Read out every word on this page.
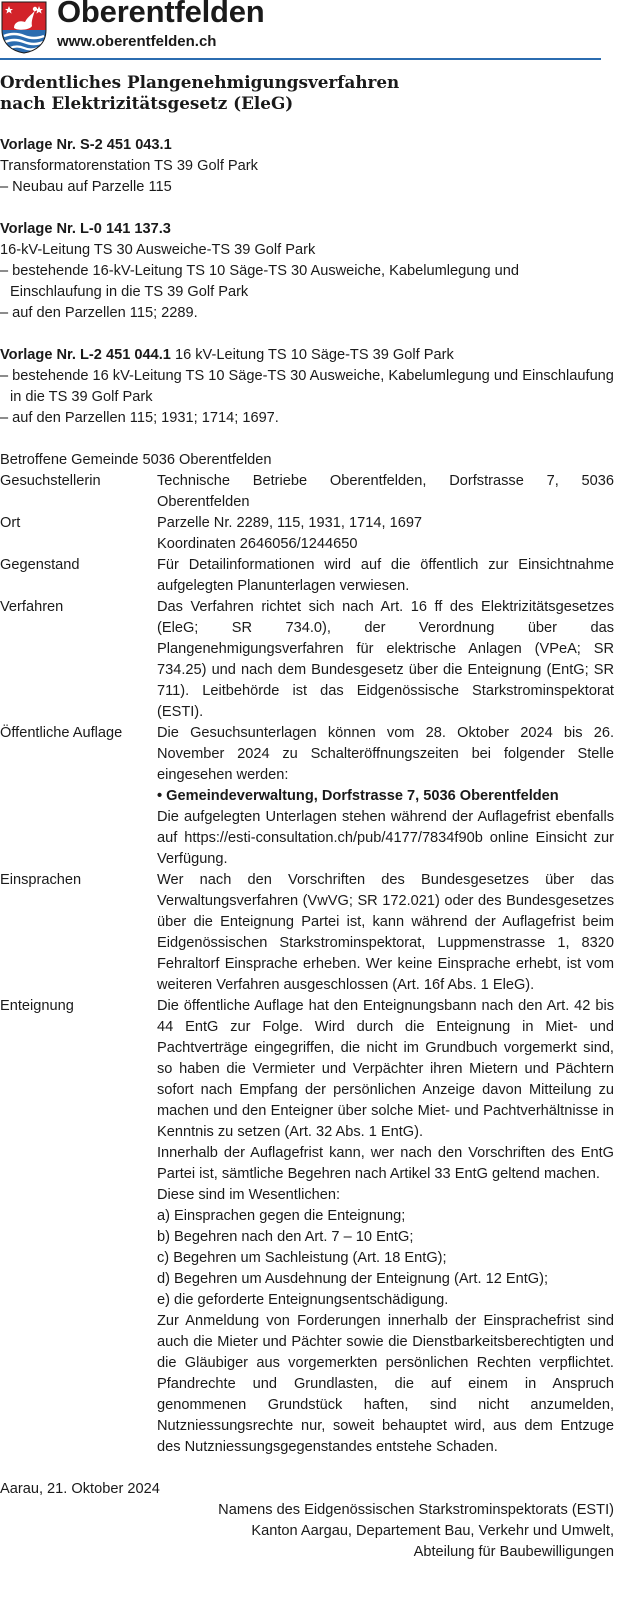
Oberentfelden
www.oberentfelden.ch
Ordentliches Plangenehmigungsverfahren
nach Elektrizitätsgesetz (EleG)
Vorlage Nr. S-2 451 043.1
Transformatorenstation TS 39 Golf Park
– Neubau auf Parzelle 115
Vorlage Nr. L-0 141 137.3
16-kV-Leitung TS 30 Ausweiche-TS 39 Golf Park
– bestehende 16-kV-Leitung TS 10 Säge-TS 30 Ausweiche, Kabelumlegung und Einschlaufung in die TS 39 Golf Park
– auf den Parzellen 115; 2289.
Vorlage Nr. L-2 451 044.1 16 kV-Leitung TS 10 Säge-TS 39 Golf Park
– bestehende 16 kV-Leitung TS 10 Säge-TS 30 Ausweiche, Kabelumlegung und Einschlaufung in die TS 39 Golf Park
– auf den Parzellen 115; 1931; 1714; 1697.
Betroffene Gemeinde 5036 Oberentfelden
Gesuchstellerin	Technische Betriebe Oberentfelden, Dorfstrasse 7, 5036 Oberentfelden

Ort	Parzelle Nr. 2289, 115, 1931, 1714, 1697

Koordinaten 2646056/1244650

Gegenstand	Für Detailinformationen wird auf die öffentlich zur Einsichtnahme aufgelegten Planunterlagen verwiesen.

Verfahren	Das Verfahren richtet sich nach Art. 16 ff des Elektrizitätsgesetzes (EleG; SR 734.0), der Verordnung über das Plangenehmigungsverfahren für elektrische Anlagen (VPeA; SR 734.25) und nach dem Bundesgesetz über die Enteignung (EntG; SR 711). Leitbehörde ist das Eidgenössische Starkstrominspektorat (ESTI).

Öffentliche Auflage	Die Gesuchsunterlagen können vom 28. Oktober 2024 bis 26. November 2024 zu Schalteröffnungszeiten bei folgender Stelle eingesehen werden:

• Gemeindeverwaltung, Dorfstrasse 7, 5036 Oberentfelden

Die aufgelegten Unterlagen stehen während der Auflagefrist ebenfalls auf https://esti-consultation.ch/pub/4177/7834f90b online Einsicht zur Verfügung.

Einsprachen	Wer nach den Vorschriften des Bundesgesetzes über das Verwaltungsverfahren (VwVG; SR 172.021) oder des Bundesgesetzes über die Enteignung Partei ist, kann während der Auflagefrist beim Eidgenössischen Starkstrominspektorat, Luppmenstrasse 1, 8320 Fehraltorf Einsprache erheben. Wer keine Einsprache erhebt, ist vom weiteren Verfahren ausgeschlossen (Art. 16f Abs. 1 EleG).

Enteignung	Die öffentliche Auflage hat den Enteignungsbann nach den Art. 42 bis 44 EntG zur Folge. Wird durch die Enteignung in Miet- und Pachtverträge eingegriffen, die nicht im Grundbuch vorgemerkt sind, so haben die Vermieter und Verpächter ihren Mietern und Pächtern sofort nach Empfang der persönlichen Anzeige davon Mitteilung zu machen und den Enteigner über solche Miet- und Pachtverhältnisse in Kenntnis zu setzen (Art. 32 Abs. 1 EntG).

Innerhalb der Auflagefrist kann, wer nach den Vorschriften des EntG Partei ist, sämtliche Begehren nach Artikel 33 EntG geltend machen.

Diese sind im Wesentlichen:

a) Einsprachen gegen die Enteignung;

b) Begehren nach den Art. 7 – 10 EntG;

c) Begehren um Sachleistung (Art. 18 EntG);

d) Begehren um Ausdehnung der Enteignung (Art. 12 EntG);

e) die geforderte Enteignungsentschädigung.

Zur Anmeldung von Forderungen innerhalb der Einsprachefrist sind auch die Mieter und Pächter sowie die Dienstbarkeitsberechtigten und die Gläubiger aus vorgemerkten persönlichen Rechten verpflichtet. Pfandrechte und Grundlasten, die auf einem in Anspruch genommenen Grundstück haften, sind nicht anzumelden, Nutzniessungsrechte nur, soweit behauptet wird, aus dem Entzuge des Nutzniessungsgegenstandes entstehe Schaden.

Aarau, 21. Oktober 2024
Namens des Eidgenössischen Starkstrominspektorats (ESTI)
Kanton Aargau, Departement Bau, Verkehr und Umwelt,
Abteilung für Baubewilligungen
